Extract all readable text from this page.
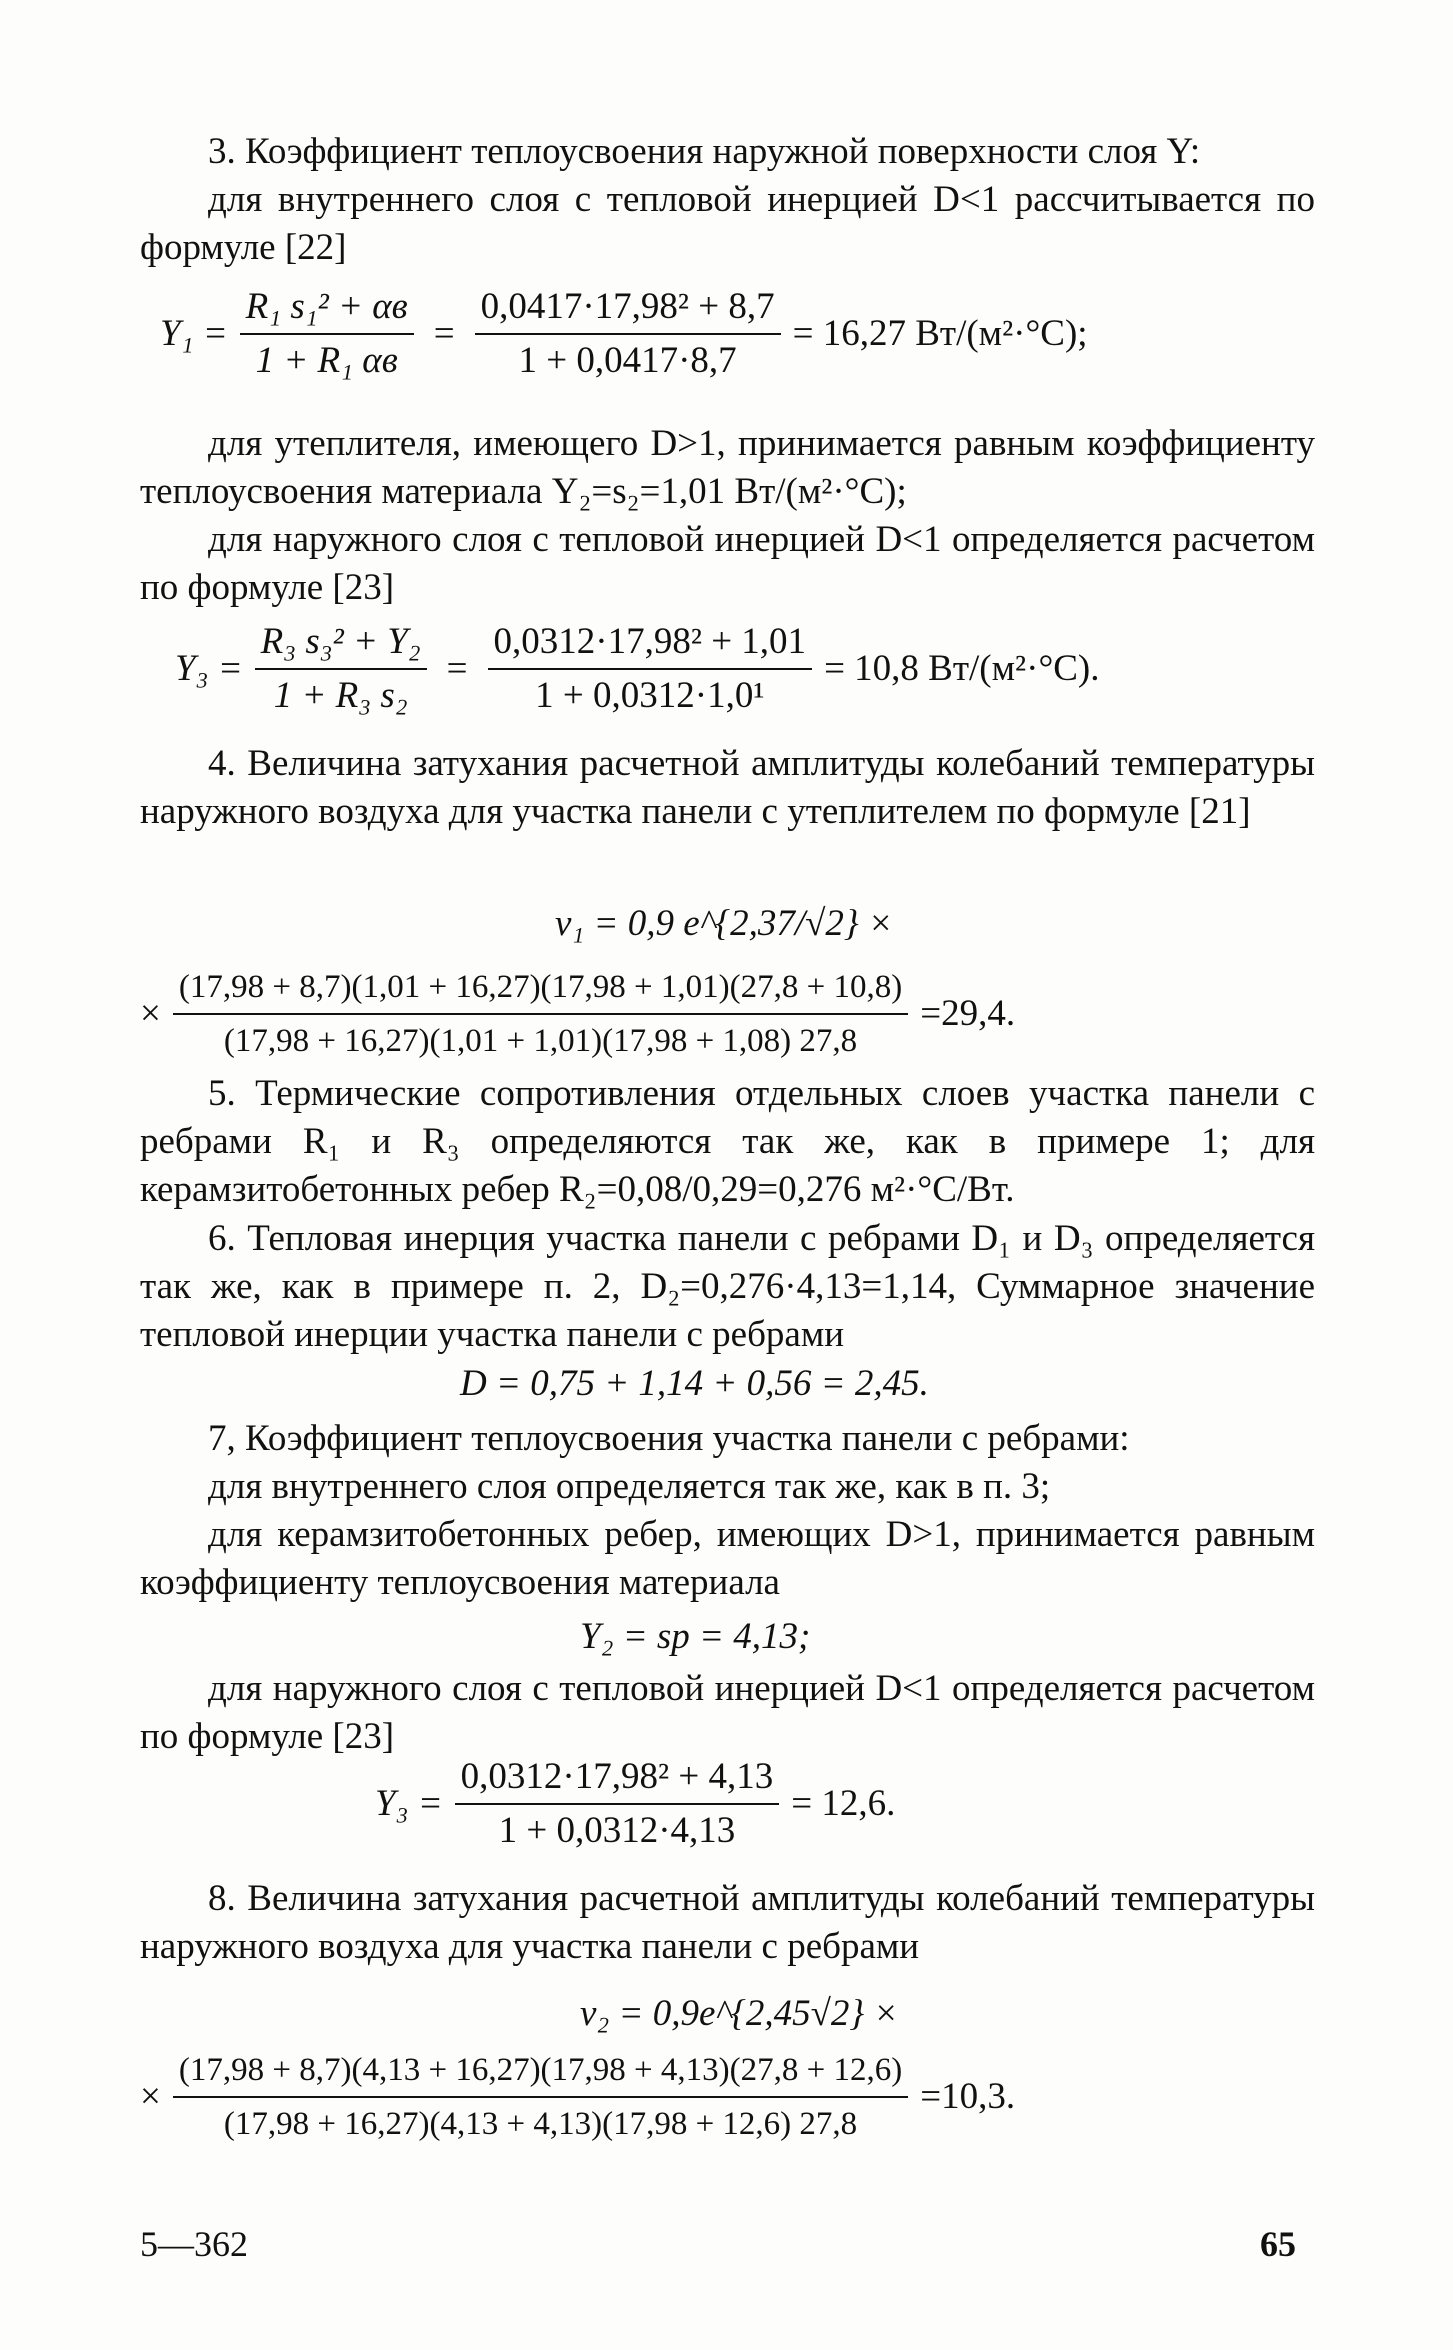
3. Коэффициент теплоусвоения наружной поверхности слоя Y:

для внутреннего слоя с тепловой инерцией D<1 рассчитывается по формуле [22]

$Y_1 = \frac{\text{R₁ s₁² + αв}}{\text{1 + R₁ αв}} = \frac{\text{0,0417·17,98² + 8,7}}{1 + 0,0417\cdot 8,7} = 16,27$ Вт/(м²·°С);

для утеплителя, имеющего D>1, принимается равным коэффициенту теплоусвоения материала Y₂=s₂=1,01 Вт/(м²·°С);

для наружного слоя с тепловой инерцией D<1 определяется расчетом по формуле [23]

$Y_3 = \frac{\text{R₃ s₃² + Y₂}}{\text{1 + R₃ s₂}} = \frac{\text{0,0312·17,98² + 1,01}}{\text{1 + 0,0312·1,0¹}} = 10,8$ Вт/(м²·°С).

4. Величина затухания расчетной амплитуды колебаний температуры наружного воздуха для участка панели с утеплителем по формуле [21]

ν₁ = 0,9 e^{2,37/√2} ×
× $\frac{(17,98 + 8,7)(1,01 + 16,27)(17,98 + 1,01)(27,8 + 10,8)}{(17,98 + 16,27)(1,01 + 1,01)(17,98 + 1,08) 27,8} =29,4$.

5. Термические сопротивления отдельных слоев участка панели с ребрами R₁ и R₃ определяются так же, как в примере 1; для керамзитобетонных ребер R₂=0,08/0,29=0,276 м²·°С/Вт.

6. Тепловая инерция участка панели с ребрами D₁ и D₃ определяется так же, как в примере п. 2, D₂=0,276·4,13=1,14, Суммарное значение тепловой инерции участка панели с ребрами

D = 0,75 + 1,14 + 0,56 = 2,45.

7, Коэффициент теплоусвоения участка панели с ребрами:

для внутреннего слоя определяется так же, как в п. 3;

для керамзитобетонных ребер, имеющих D>1, принимается равным коэффициенту теплоусвоения материала

Y₂ = sр = 4,13;

для наружного слоя с тепловой инерцией D<1 определяется расчетом по формуле [23]

$Y_3 = \frac{\text{0,0312·17,98² + 4,13}}{1 + 0,0312\cdot 4,13} = 12,6$.

8. Величина затухания расчетной амплитуды колебаний температуры наружного воздуха для участка панели с ребрами

ν₂ = 0,9e^{2,45√2} ×
× $\frac{(17,98 + 8,7)(4,13 + 16,27)(17,98 + 4,13)(27,8 + 12,6)}{(17,98 + 16,27)(4,13 + 4,13)(17,98 + 12,6) 27,8} =10,3$.
5—362	65
